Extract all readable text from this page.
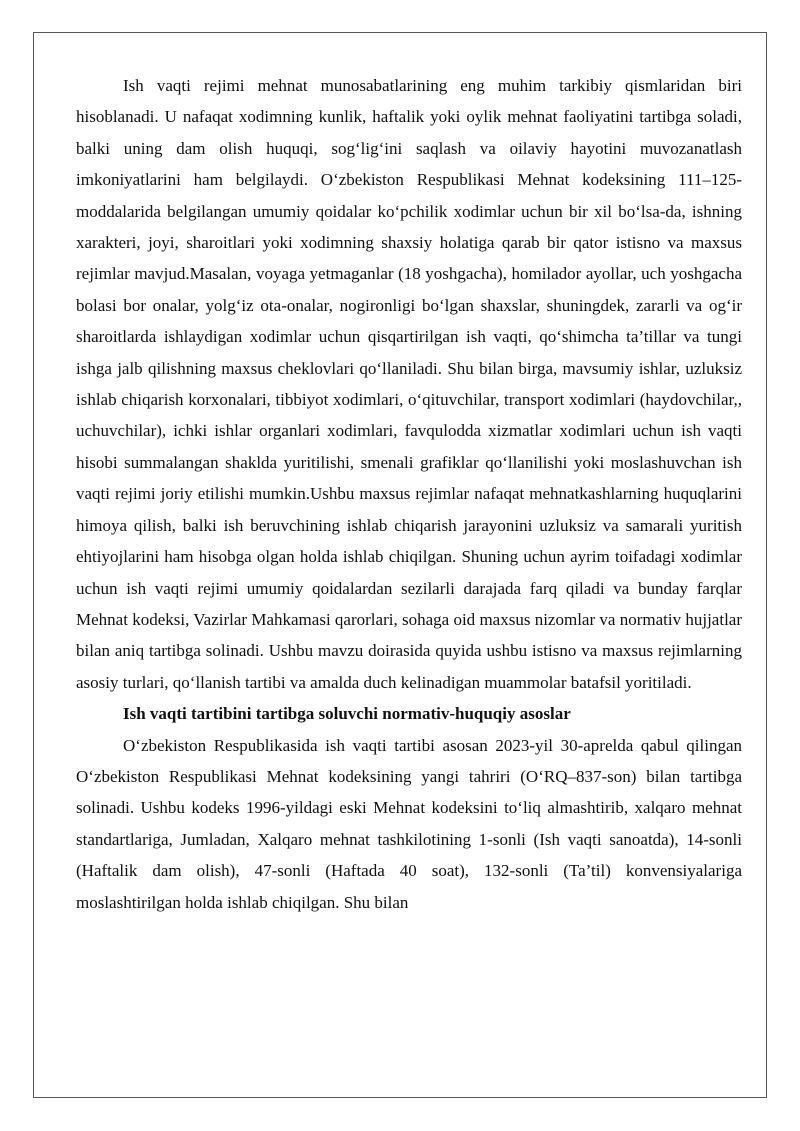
Ish vaqti rejimi mehnat munosabatlarining eng muhim tarkibiy qismlaridan biri hisoblanadi. U nafaqat xodimning kunlik, haftalik yoki oylik mehnat faoliyatini tartibga soladi, balki uning dam olish huquqi, sog‘lig‘ini saqlash va oilaviy hayotini muvozanatlash imkoniyatlarini ham belgilaydi. O‘zbekiston Respublikasi Mehnat kodeksining 111–125-moddalarida belgilangan umumiy qoidalar ko‘pchilik xodimlar uchun bir xil bo‘lsa-da, ishning xarakteri, joyi, sharoitlari yoki xodimning shaxsiy holatiga qarab bir qator istisno va maxsus rejimlar mavjud.Masalan, voyaga yetmaganlar (18 yoshgacha), homilador ayollar, uch yoshgacha bolasi bor onalar, yolg‘iz ota-onalar, nogironligi bo‘lgan shaxslar, shuningdek, zararli va og‘ir sharoitlarda ishlaydigan xodimlar uchun qisqartirilgan ish vaqti, qo‘shimcha ta’tillar va tungi ishga jalb qilishning maxsus cheklovlari qo‘llaniladi. Shu bilan birga, mavsumiy ishlar, uzluksiz ishlab chiqarish korxonalari, tibbiyot xodimlari, o‘qituvchilar, transport xodimlari (haydovchilar,, uchuvchilar), ichki ishlar organlari xodimlari, favqulodda xizmatlar xodimlari uchun ish vaqti hisobi summalangan shaklda yuritilishi, smenali grafiklar qo‘llanilishi yoki moslashuvchan ish vaqti rejimi joriy etilishi mumkin.Ushbu maxsus rejimlar nafaqat mehnatkashlarning huquqlarini himoya qilish, balki ish beruvchining ishlab chiqarish jarayonini uzluksiz va samarali yuritish ehtiyojlarini ham hisobga olgan holda ishlab chiqilgan. Shuning uchun ayrim toifadagi xodimlar uchun ish vaqti rejimi umumiy qoidalardan sezilarli darajada farq qiladi va bunday farqlar Mehnat kodeksi, Vazirlar Mahkamasi qarorlari, sohaga oid maxsus nizomlar va normativ hujjatlar bilan aniq tartibga solinadi. Ushbu mavzu doirasida quyida ushbu istisno va maxsus rejimlarning asosiy turlari, qo‘llanish tartibi va amalda duch kelinadigan muammolar batafsil yoritiladi.

Ish vaqti tartibini tartibga soluvchi normativ-huquqiy asoslar

O‘zbekiston Respublikasida ish vaqti tartibi asosan 2023-yil 30-aprelda qabul qilingan O‘zbekiston Respublikasi Mehnat kodeksining yangi tahriri (O‘RQ–837-son) bilan tartibga solinadi. Ushbu kodeks 1996-yildagi eski Mehnat kodeksini to‘liq almashtirib, xalqaro mehnat standartlariga, Jumladan, Xalqaro mehnat tashkilotining 1-sonli (Ish vaqti sanoatda), 14-sonli (Haftalik dam olish), 47-sonli (Haftada 40 soat), 132-sonli (Ta’til) konvensiyalariga moslashtirilgan holda ishlab chiqilgan. Shu bilan
